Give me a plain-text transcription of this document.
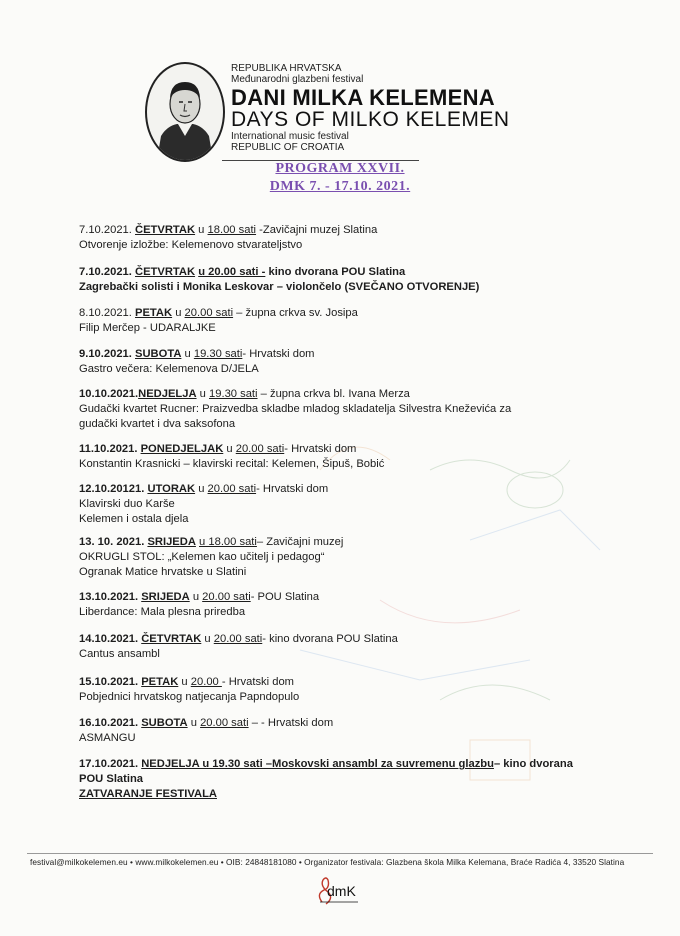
REPUBLIKA HRVATSKA

Međunarodni glazbeni festival

DANI MILKA KELEMENA

DAYS OF MILKO KELEMEN

International music festival

REPUBLIC OF CROATIA

PROGRAM XXVII.
DMK 7. - 17.10. 2021.

7.10.2021. ČETVRTAK u 18.00 sati -Zavičajni muzej Slatina

Otvorenje izložbe: Kelemenovo stvarateljstvo

7.10.2021. ČETVRTAK u 20.00 sati - kino dvorana POU Slatina

Zagrebački solisti i Monika Leskovar – violončelo (SVEČANO OTVORENJE)

8.10.2021. PETAK u 20.00 sati – župna crkva sv. Josipa

Filip Merčep - UDARALJKE

9.10.2021. SUBOTA u 19.30 sati- Hrvatski dom

Gastro večera: Kelemenova D/JELA

10.10.2021.NEDJELJA u 19.30 sati – župna crkva bl. Ivana Merza

Gudački kvartet Rucner: Praizvedba skladbe mladog skladatelja Silvestra Kneževića za

gudački kvartet i dva saksofona

11.10.2021. PONEDJELJAK u 20.00 sati- Hrvatski dom

Konstantin Krasnicki – klavirski recital: Kelemen, Šipuš, Bobić

12.10.20121. UTORAK u 20.00 sati- Hrvatski dom

Klavirski duo Karše

Kelemen i ostala djela

13. 10. 2021. SRIJEDA u 18.00 sati– Zavičajni muzej

OKRUGLI STOL: „Kelemen kao učitelj i pedagog“

Ogranak Matice hrvatske u Slatini

13.10.2021. SRIJEDA u 20.00 sati- POU Slatina

Liberdance: Mala plesna priredba

14.10.2021. ČETVRTAK u 20.00 sati- kino dvorana POU Slatina

Cantus ansambl

15.10.2021. PETAK u 20.00 - Hrvatski dom

Pobjednici hrvatskog natjecanja Papndopulo

16.10.2021. SUBOTA u 20.00 sati – - Hrvatski dom

ASMANGU

17.10.2021. NEDJELJA u 19.30 sati –Moskovski ansambl za suvremenu glazbu– kino dvorana

POU Slatina

ZATVARANJE FESTIVALA

festival@milkokelemen.eu • www.milkokelemen.eu • OIB: 24848181080 • Organizator festivala: Glazbena škola Milka Kelemana, Braće Radića 4, 33520 Slatina
dmK
